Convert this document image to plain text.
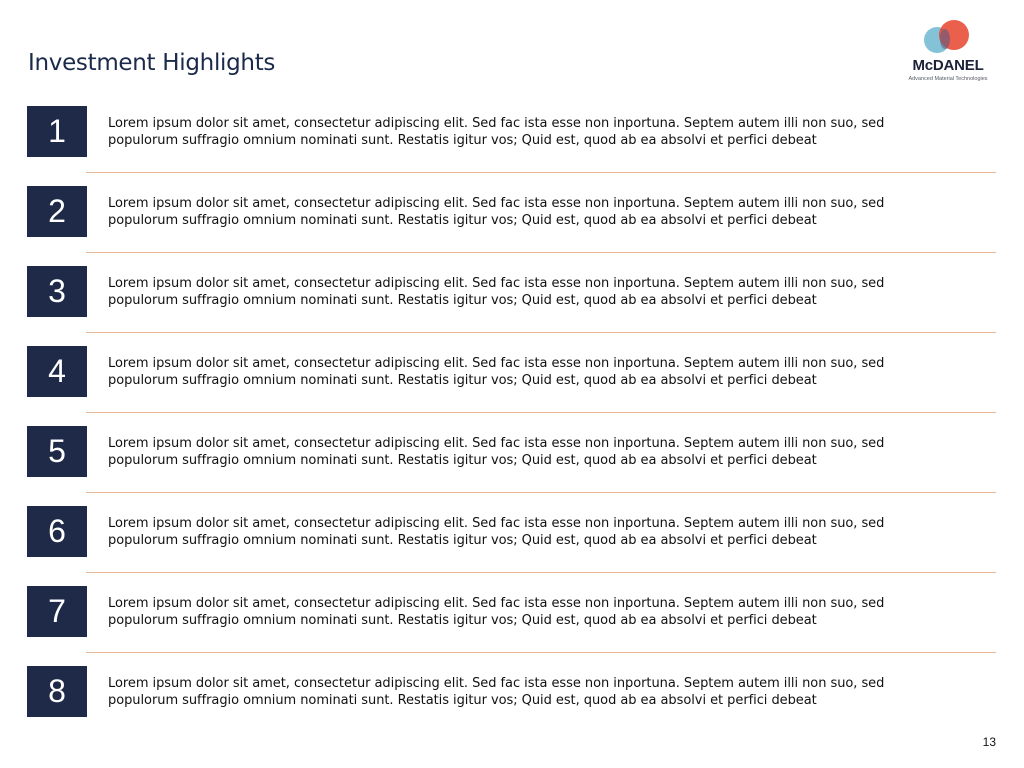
Investment Highlights	McDANEL
Advanced Material Technologies
1	Lorem ipsum dolor sit amet, consectetur adipiscing elit. Sed fac ista esse non inportuna. Septem autem illi non suo, sed
populorum suffragio omnium nominati sunt. Restatis igitur vos; Quid est, quod ab ea absolvi et perfici debeat

2	Lorem ipsum dolor sit amet, consectetur adipiscing elit. Sed fac ista esse non inportuna. Septem autem illi non suo, sed
populorum suffragio omnium nominati sunt. Restatis igitur vos; Quid est, quod ab ea absolvi et perfici debeat

3	Lorem ipsum dolor sit amet, consectetur adipiscing elit. Sed fac ista esse non inportuna. Septem autem illi non suo, sed
populorum suffragio omnium nominati sunt. Restatis igitur vos; Quid est, quod ab ea absolvi et perfici debeat

4	Lorem ipsum dolor sit amet, consectetur adipiscing elit. Sed fac ista esse non inportuna. Septem autem illi non suo, sed
populorum suffragio omnium nominati sunt. Restatis igitur vos; Quid est, quod ab ea absolvi et perfici debeat

5	Lorem ipsum dolor sit amet, consectetur adipiscing elit. Sed fac ista esse non inportuna. Septem autem illi non suo, sed
populorum suffragio omnium nominati sunt. Restatis igitur vos; Quid est, quod ab ea absolvi et perfici debeat

6	Lorem ipsum dolor sit amet, consectetur adipiscing elit. Sed fac ista esse non inportuna. Septem autem illi non suo, sed
populorum suffragio omnium nominati sunt. Restatis igitur vos; Quid est, quod ab ea absolvi et perfici debeat

7	Lorem ipsum dolor sit amet, consectetur adipiscing elit. Sed fac ista esse non inportuna. Septem autem illi non suo, sed
populorum suffragio omnium nominati sunt. Restatis igitur vos; Quid est, quod ab ea absolvi et perfici debeat

8	Lorem ipsum dolor sit amet, consectetur adipiscing elit. Sed fac ista esse non inportuna. Septem autem illi non suo, sed
populorum suffragio omnium nominati sunt. Restatis igitur vos; Quid est, quod ab ea absolvi et perfici debeat

13
